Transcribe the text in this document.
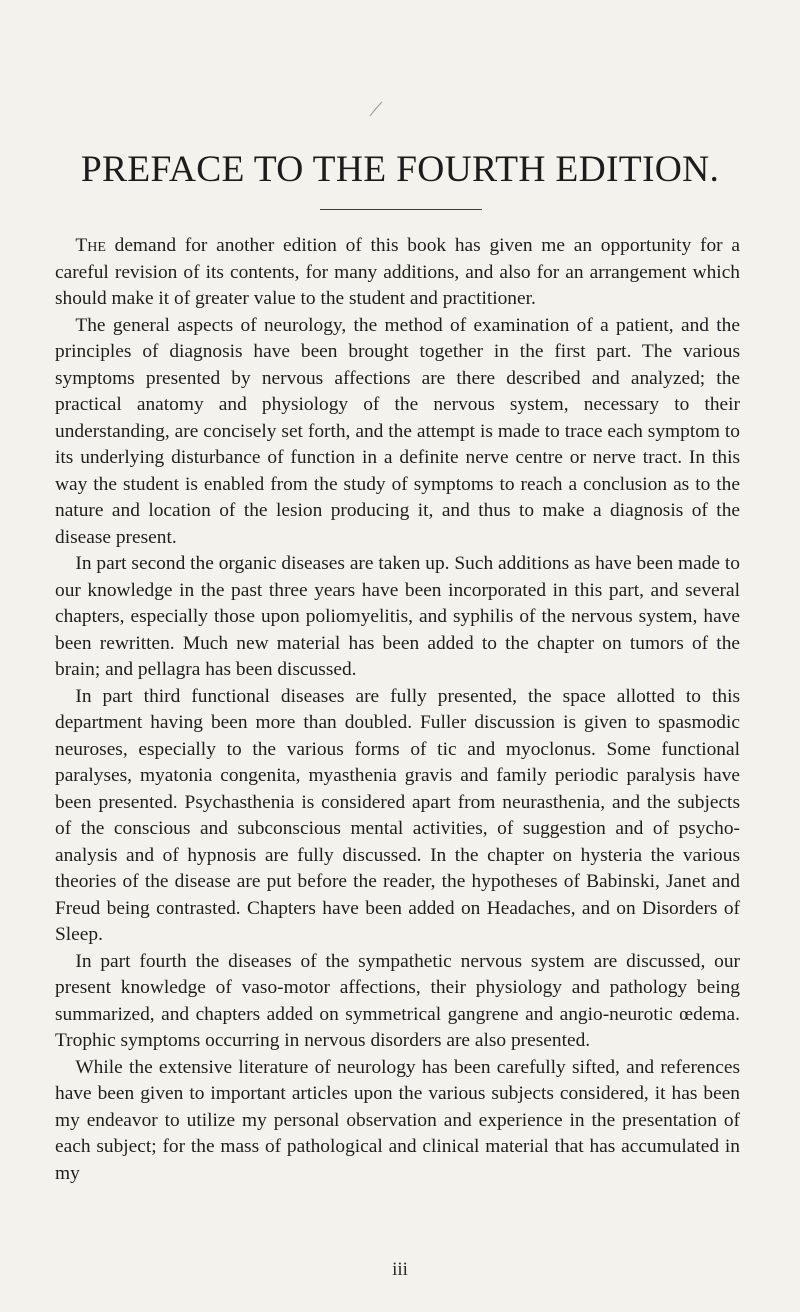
PREFACE TO THE FOURTH EDITION.

The demand for another edition of this book has given me an opportunity for a careful revision of its contents, for many additions, and also for an arrangement which should make it of greater value to the student and practitioner.

The general aspects of neurology, the method of examination of a patient, and the principles of diagnosis have been brought together in the first part. The various symptoms presented by nervous affections are there described and analyzed; the practical anatomy and physiology of the nervous system, necessary to their understanding, are concisely set forth, and the attempt is made to trace each symptom to its underlying disturbance of function in a definite nerve centre or nerve tract. In this way the student is enabled from the study of symptoms to reach a conclusion as to the nature and location of the lesion producing it, and thus to make a diagnosis of the disease present.

In part second the organic diseases are taken up. Such additions as have been made to our knowledge in the past three years have been incorporated in this part, and several chapters, especially those upon poliomyelitis, and syphilis of the nervous system, have been rewritten. Much new material has been added to the chapter on tumors of the brain; and pellagra has been discussed.

In part third functional diseases are fully presented, the space allotted to this department having been more than doubled. Fuller discussion is given to spasmodic neuroses, especially to the various forms of tic and myoclonus. Some functional paralyses, myatonia congenita, myasthenia gravis and family periodic paralysis have been presented. Psychasthenia is considered apart from neurasthenia, and the subjects of the conscious and subconscious mental activities, of suggestion and of psycho-analysis and of hypnosis are fully discussed. In the chapter on hysteria the various theories of the disease are put before the reader, the hypotheses of Babinski, Janet and Freud being contrasted. Chapters have been added on Headaches, and on Disorders of Sleep.

In part fourth the diseases of the sympathetic nervous system are discussed, our present knowledge of vaso-motor affections, their physiology and pathology being summarized, and chapters added on symmetrical gangrene and angio-neurotic œdema. Trophic symptoms occurring in nervous disorders are also presented.

While the extensive literature of neurology has been carefully sifted, and references have been given to important articles upon the various subjects considered, it has been my endeavor to utilize my personal observation and experience in the presentation of each subject; for the mass of pathological and clinical material that has accumulated in my

iii
